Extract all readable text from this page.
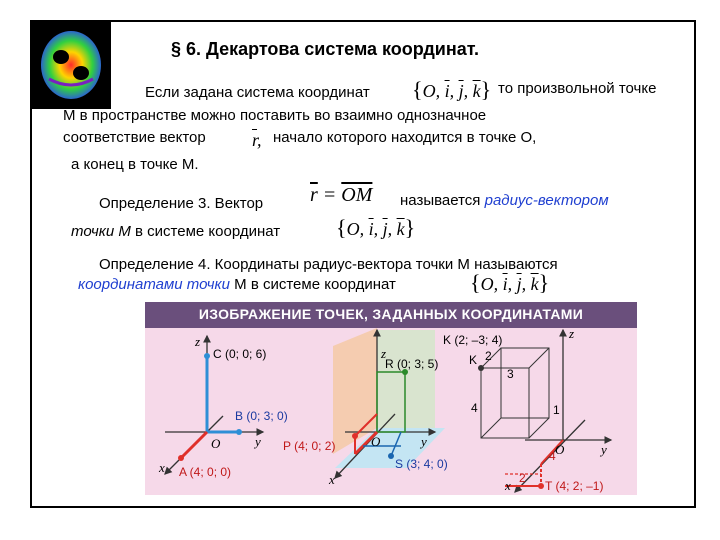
§ 6. Декартова система координат.
Если задана система координат {O, $\overline{i}$, $\overline{j}$, $\overline{k}$} то произвольной точке
M в пространстве можно поставить во взаимно однозначное
соответствие вектор	$\overline{r}$, начало которого находится в точке O,
а конец в точке M.
Определение 3. Вектор $\overline{r} = \overline{OM}$ называется радиус-вектором
точки M в системе координат	{O, $\overline{i}$, $\overline{j}$, $\overline{k}$}
Определение 4. Координаты радиус-вектора точки M называются
координатами точки M в системе координат	{O, $\overline{i}$, $\overline{j}$, $\overline{k}$}
ИЗОБРАЖЕНИЕ ТОЧЕК, ЗАДАННЫХ КООРДИНАТАМИ
z
y
x
O
C (0; 0; 6)
B (0; 3; 0)
A (4; 0; 0)
z
y
x
O
R (0; 3; 5)
P (4; 0; 2)
S (3; 4; 0)
z
y
x
O
K (2; –3; 4)
K 2
3
4	1
2
4
T (4; 2; –1)
